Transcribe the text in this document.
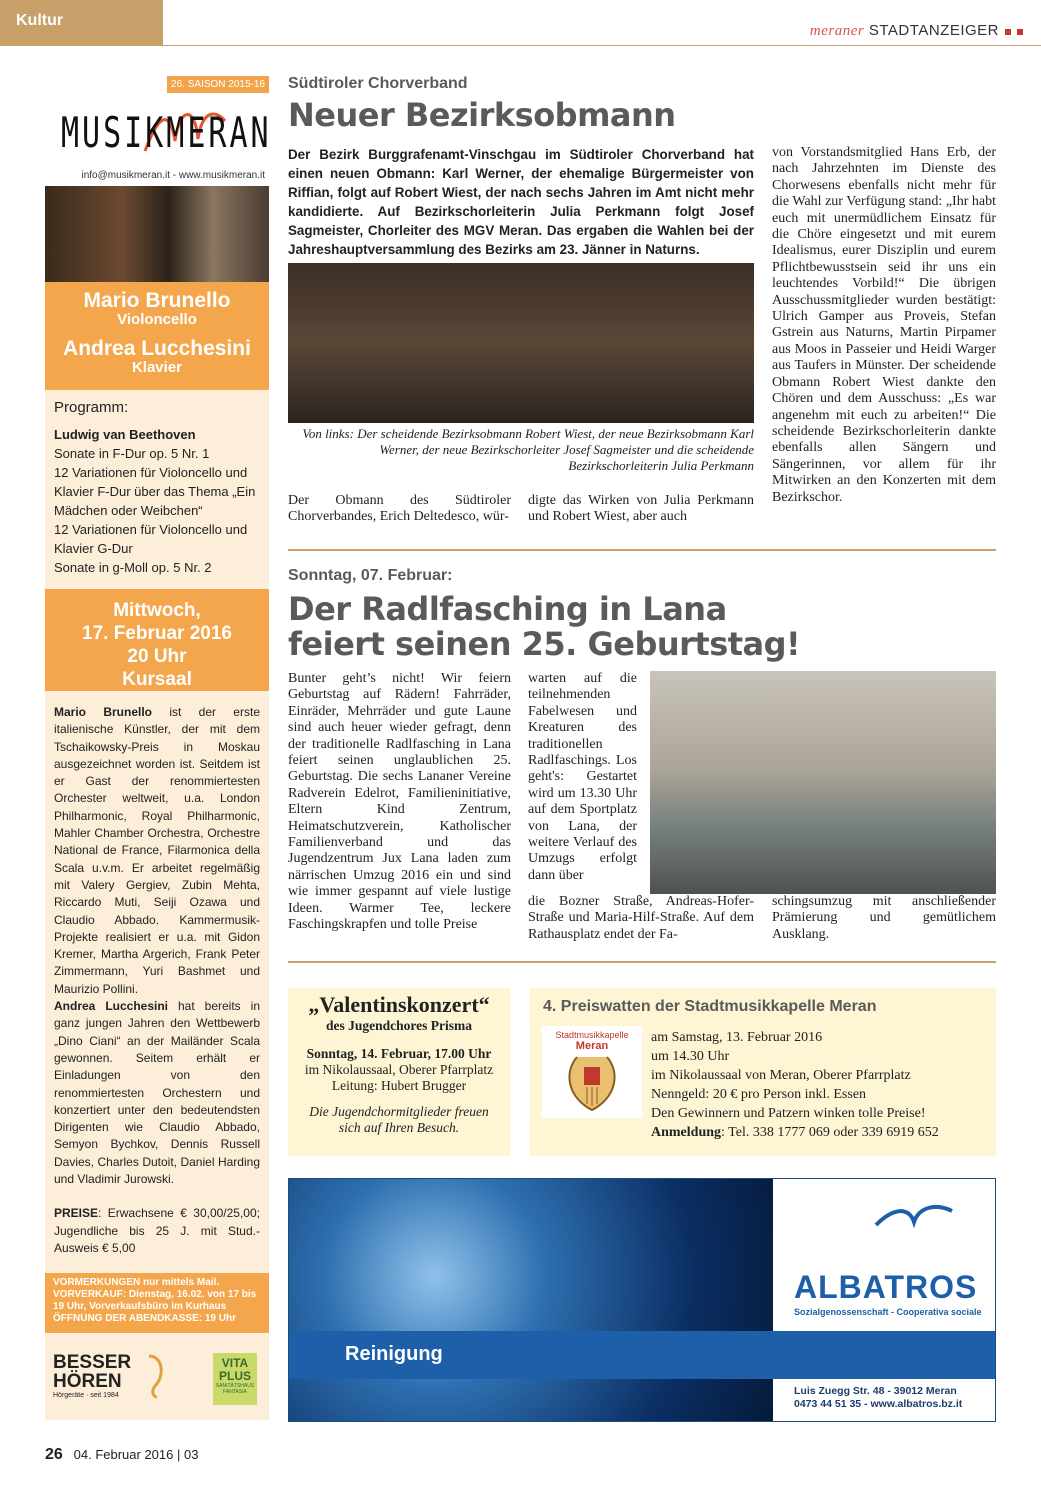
Kultur
meraner STADTANZEIGER
26. SAISON 2015-16
MUSIKMERAN
info@musikmeran.it - www.musikmeran.it
Mario Brunello
Violoncello
Andrea Lucchesini
Klavier
Programm:
Ludwig van Beethoven
Sonate in F-Dur op. 5 Nr. 1
12 Variationen für Violoncello und Klavier F-Dur über das Thema „Ein Mädchen oder Weibchen“
12 Variationen für Violoncello und Klavier G-Dur
Sonate in g-Moll op. 5 Nr. 2
Mittwoch,
17. Februar 2016
20 Uhr
Kursaal

Mario Brunello ist der erste italienische Künstler, der mit dem Tschaikowsky-Preis in Moskau ausgezeichnet worden ist. Seitdem ist er Gast der renommiertesten Orchester weltweit, u.a. London Philharmonic, Royal Philharmonic, Mahler Chamber Orchestra, Orchestre National de France, Filarmonica della Scala u.v.m. Er arbeitet regelmäßig mit Valery Gergiev, Zubin Mehta, Riccardo Muti, Seiji Ozawa und Claudio Abbado. Kammermusik-Projekte realisiert er u.a. mit Gidon Kremer, Martha Argerich, Frank Peter Zimmermann, Yuri Bashmet und Maurizio Pollini.

Andrea Lucchesini hat bereits in ganz jungen Jahren den Wettbewerb „Dino Ciani“ an der Mailänder Scala gewonnen. Seitem erhält er Einladungen von den renommiertesten Orchestern und konzertiert unter den bedeutendsten Dirigenten wie Claudio Abbado, Semyon Bychkov, Dennis Russell Davies, Charles Dutoit, Daniel Harding und Vladimir Jurowski.

PREISE: Erwachsene € 30,00/25,00; Jugendliche bis 25 J. mit Stud.-Ausweis € 5,00

VORMERKUNGEN nur mittels Mail.
VORVERKAUF: Dienstag, 16.02. von 17 bis 19 Uhr, Vorverkaufsbüro im Kurhaus
ÖFFNUNG DER ABENDKASSE: 19 Uhr
BESSER
HÖREN
Hörgeräte · seit 1984
VITA
PLUS
SANITÄTSHAUS FANTASIA
Südtiroler Chorverband
Neuer Bezirksobmann
Der Bezirk Burggrafenamt-Vinschgau im Südtiroler Chorverband hat einen neuen Obmann: Karl Werner, der ehemalige Bürgermeister von Riffian, folgt auf Robert Wiest, der nach sechs Jahren im Amt nicht mehr kandidierte. Auf Bezirkschorleiterin Julia Perkmann folgt Josef Sagmeister, Chorleiter des MGV Meran. Das ergaben die Wahlen bei der Jahreshauptversammlung des Bezirks am 23. Jänner in Naturns.
Von links: Der scheidende Bezirksobmann Robert Wiest, der neue Bezirksobmann Karl Werner, der neue Bezirkschorleiter Josef Sagmeister und die scheidende Bezirkschorleiterin Julia Perkmann
Der Obmann des Südtiroler Chorverbandes, Erich Deltedesco, wür-
digte das Wirken von Julia Perkmann und Robert Wiest, aber auch
von Vorstandsmitglied Hans Erb, der nach Jahrzehnten im Dienste des Chorwesens ebenfalls nicht mehr für die Wahl zur Verfügung stand: „Ihr habt euch mit unermüdlichem Einsatz für die Chöre eingesetzt und mit eurem Idealismus, eurer Disziplin und eurem Pflichtbewusstsein seid ihr uns ein leuchtendes Vorbild!“ Die übrigen Ausschussmitglieder wurden bestätigt: Ulrich Gamper aus Proveis, Stefan Gstrein aus Naturns, Martin Pirpamer aus Moos in Passeier und Heidi Warger aus Taufers in Münster. Der scheidende Obmann Robert Wiest dankte den Chören und dem Ausschuss: „Es war angenehm mit euch zu arbeiten!“ Die scheidende Bezirkschorleiterin dankte ebenfalls allen Sängern und Sängerinnen, vor allem für ihr Mitwirken an den Konzerten mit dem Bezirkschor.
Sonntag, 07. Februar:
Der Radlfasching in Lana
feiert seinen 25. Geburtstag!
Bunter geht’s nicht! Wir feiern Geburtstag auf Rädern! Fahrräder, Einräder, Mehrräder und gute Laune sind auch heuer wieder gefragt, denn der traditionelle Radlfasching in Lana feiert seinen unglaublichen 25. Geburtstag. Die sechs Lananer Vereine Radverein Edelrot, Familieninitiative, Eltern Kind Zentrum, Heimatschutzverein, Katholischer Familienverband und das Jugendzentrum Jux Lana laden zum närrischen Umzug 2016 ein und sind wie immer gespannt auf viele lustige Ideen. Warmer Tee, leckere Faschingskrapfen und tolle Preise
warten auf die teilnehmenden Fabelwesen und Kreaturen des traditionellen Radlfaschings. Los geht's: Gestartet wird um 13.30 Uhr auf dem Sportplatz von Lana, der weitere Verlauf des Umzugs erfolgt dann über
die Bozner Straße, Andreas-Hofer-Straße und Maria-Hilf-Straße. Auf dem Rathausplatz endet der Fa-
schingsumzug mit anschließender Prämierung und gemütlichem Ausklang.
„Valentinskonzert“
des Jugendchores Prisma
Sonntag, 14. Februar, 17.00 Uhr
im Nikolaussaal, Oberer Pfarrplatz
Leitung: Hubert Brugger
Die Jugendchormitglieder freuen sich auf Ihren Besuch.
4. Preiswatten der Stadtmusikkapelle Meran
Stadtmusikkapelle
Meran
am Samstag, 13. Februar 2016
um 14.30 Uhr
im Nikolaussaal von Meran, Oberer Pfarrplatz
Nenngeld: 20 € pro Person inkl. Essen
Den Gewinnern und Patzern winken tolle Preise!
Anmeldung: Tel. 338 1777 069 oder 339 6919 652
ALBATROS
Sozialgenossenschaft - Cooperativa sociale
Reinigung
Luis Zuegg Str. 48 - 39012 Meran
0473 44 51 35 - www.albatros.bz.it
26 04. Februar 2016 | 03
